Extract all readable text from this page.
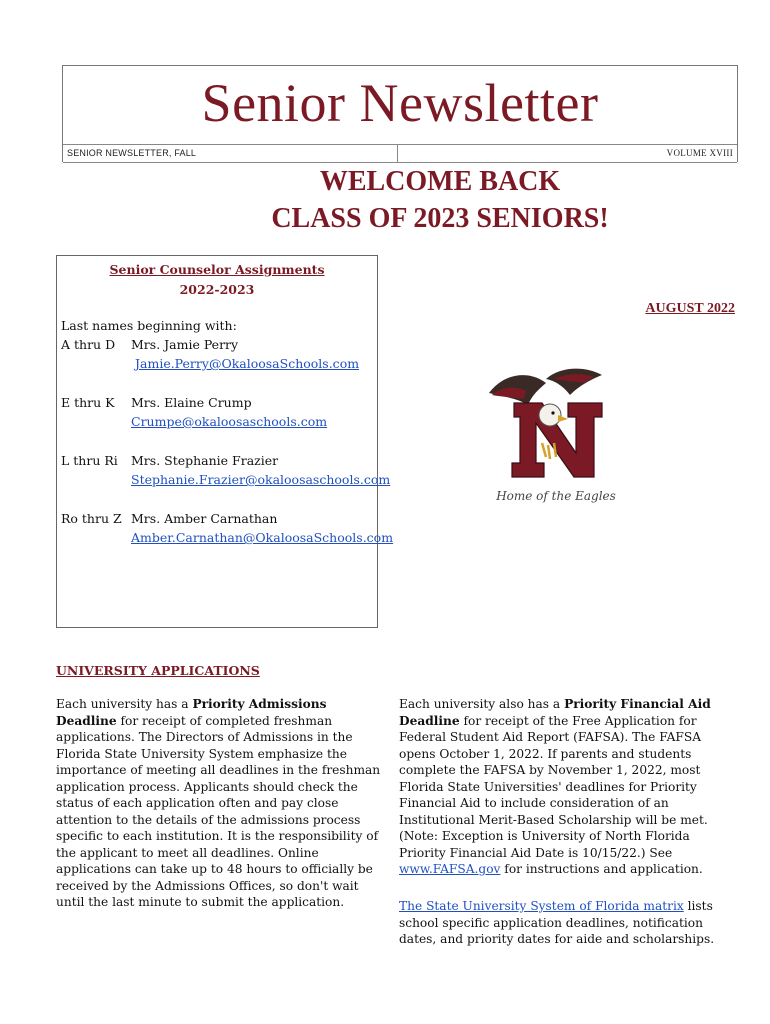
Senior Newsletter
SENIOR NEWSLETTER, FALL	VOLUME XVIII
WELCOME BACK
CLASS OF 2023 SENIORS!
Senior Counselor Assignments
2022-2023
Last names beginning with:
A thru D Mrs. Jamie Perry
Jamie.Perry@OkaloosaSchools.com
E thru K Mrs. Elaine Crump
Crumpe@okaloosaschools.com
L thru Ri Mrs. Stephanie Frazier
Stephanie.Frazier@okaloosaschools.com
Ro thru Z Mrs. Amber Carnathan
Amber.Carnathan@OkaloosaSchools.com
AUGUST 2022
Home of the Eagles
UNIVERSITY APPLICATIONS

Each university has a Priority Admissions Deadline for receipt of completed freshman applications. The Directors of Admissions in the Florida State University System emphasize the importance of meeting all deadlines in the freshman application process. Applicants should check the status of each application often and pay close attention to the details of the admissions process specific to each institution. It is the responsibility of the applicant to meet all deadlines. Online applications can take up to 48 hours to officially be received by the Admissions Offices, so don't wait until the last minute to submit the application.

Each university also has a Priority Financial Aid Deadline for receipt of the Free Application for Federal Student Aid Report (FAFSA). The FAFSA opens October 1, 2022. If parents and students complete the FAFSA by November 1, 2022, most Florida State Universities' deadlines for Priority Financial Aid to include consideration of an Institutional Merit-Based Scholarship will be met. (Note: Exception is University of North Florida Priority Financial Aid Date is 10/15/22.) See www.FAFSA.gov for instructions and application.

The State University System of Florida matrix lists school specific application deadlines, notification dates, and priority dates for aide and scholarships.
